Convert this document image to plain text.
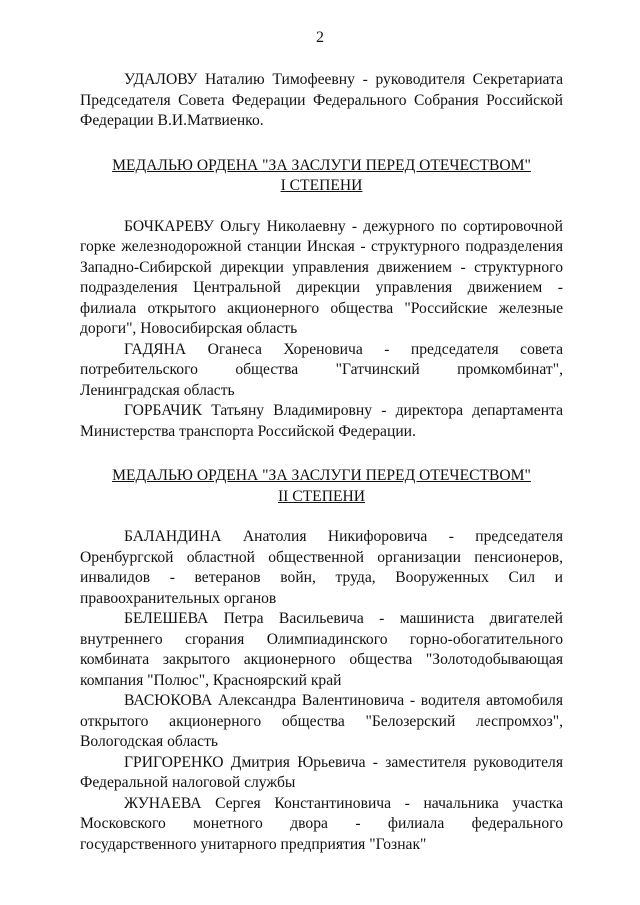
2

УДАЛОВУ Наталию Тимофеевну - руководителя Секретариата Председателя Совета Федерации Федерального Собрания Российской Федерации В.И.Матвиенко.

МЕДАЛЬЮ ОРДЕНА "ЗА ЗАСЛУГИ ПЕРЕД ОТЕЧЕСТВОМ"

I СТЕПЕНИ

БОЧКАРЕВУ Ольгу Николаевну - дежурного по сортировочной горке железнодорожной станции Инская - структурного подразделения Западно-Сибирской дирекции управления движением - структурного подразделения Центральной дирекции управления движением - филиала открытого акционерного общества "Российские железные дороги", Новосибирская область

ГАДЯНА Оганеса Хореновича - председателя совета потребительского общества "Гатчинский промкомбинат", Ленинградская область

ГОРБАЧИК Татьяну Владимировну - директора департамента Министерства транспорта Российской Федерации.

МЕДАЛЬЮ ОРДЕНА "ЗА ЗАСЛУГИ ПЕРЕД ОТЕЧЕСТВОМ"

II СТЕПЕНИ

БАЛАНДИНА Анатолия Никифоровича - председателя Оренбургской областной общественной организации пенсионеров, инвалидов - ветеранов войн, труда, Вооруженных Сил и правоохранительных органов

БЕЛЕШЕВА Петра Васильевича - машиниста двигателей внутреннего сгорания Олимпиадинского горно-обогатительного комбината закрытого акционерного общества "Золотодобывающая компания "Полюс", Красноярский край

ВАСЮКОВА Александра Валентиновича - водителя автомобиля открытого акционерного общества "Белозерский леспромхоз", Вологодская область

ГРИГОРЕНКО Дмитрия Юрьевича - заместителя руководителя Федеральной налоговой службы

ЖУНАЕВА Сергея Константиновича - начальника участка Московского монетного двора - филиала федерального государственного унитарного предприятия "Гознак"
